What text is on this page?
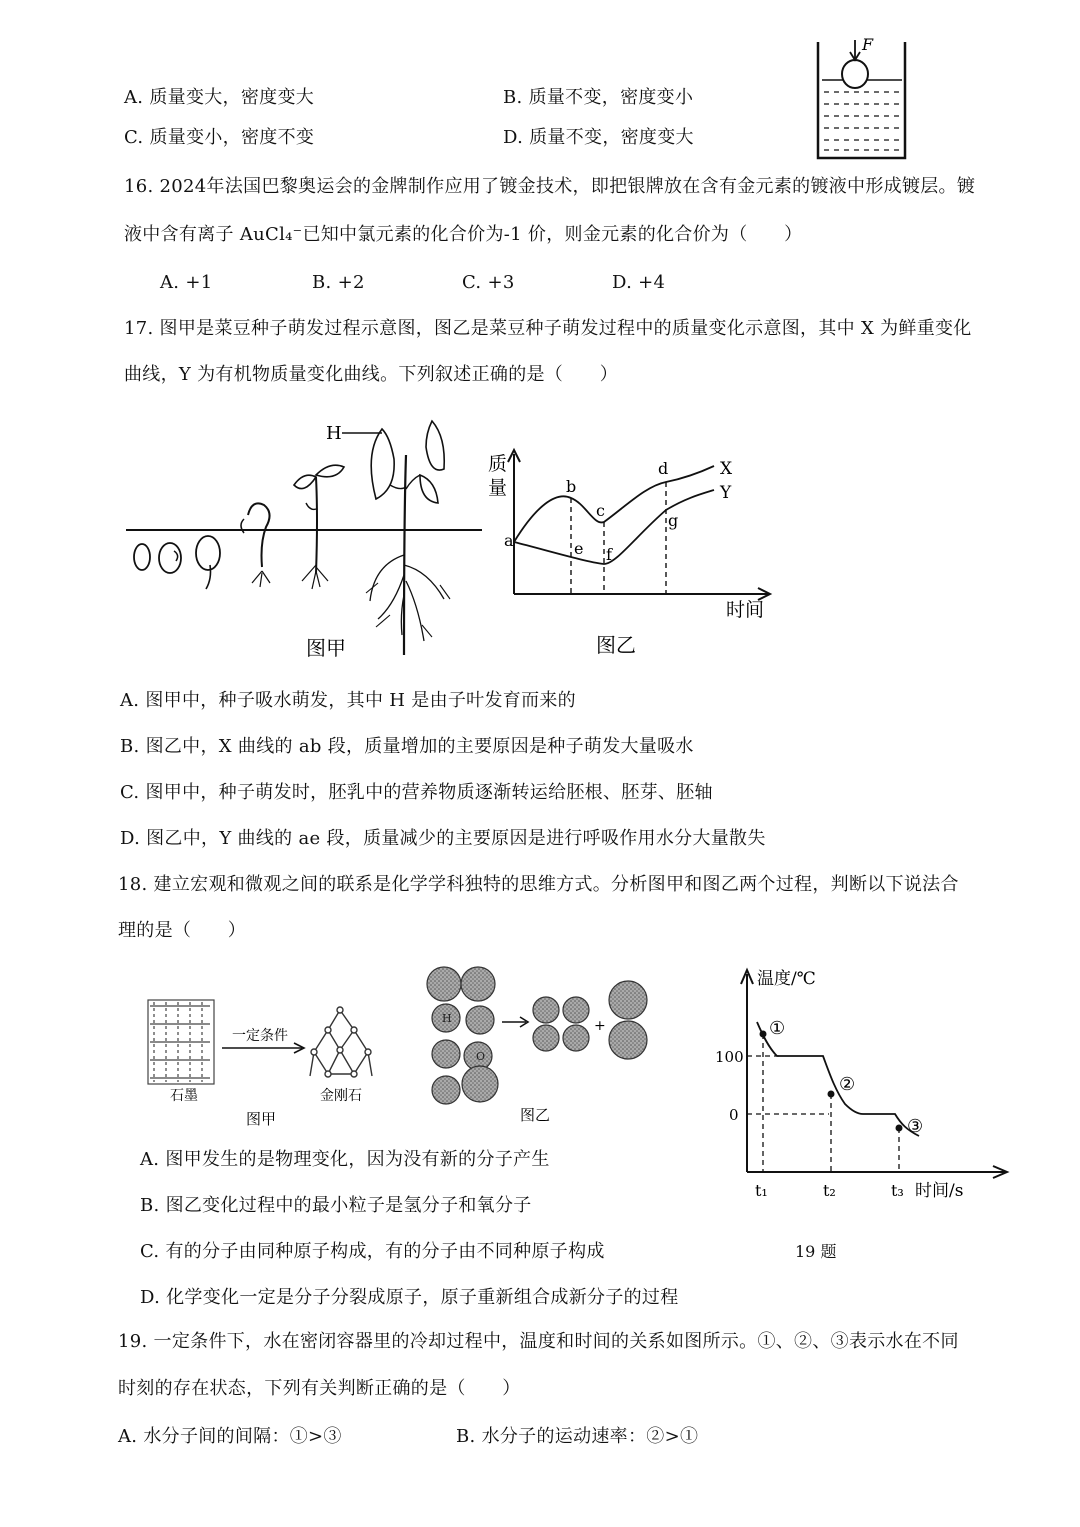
A. 质量变大，密度变大	B. 质量不变，密度变小
C. 质量变小，密度不变	D. 质量不变，密度变大
F
16. 2024年法国巴黎奥运会的金牌制作应用了镀金技术，即把银牌放在含有金元素的镀液中形成镀层。镀
液中含有离子 AuCl₄⁻已知中氯元素的化合价为-1 价，则金元素的化合价为（　　）
A. +1	B. +2	C. +3	D. +4
17. 图甲是菜豆种子萌发过程示意图，图乙是菜豆种子萌发过程中的质量变化示意图，其中 X 为鲜重变化
曲线，Y 为有机物质量变化曲线。下列叙述正确的是（　　）
H
图甲
质
量
时间
a
b
c
d
e f
g
X
Y
图乙
A. 图甲中，种子吸水萌发，其中 H 是由子叶发育而来的
B. 图乙中，X 曲线的 ab 段，质量增加的主要原因是种子萌发大量吸水
C. 图甲中，种子萌发时，胚乳中的营养物质逐渐转运给胚根、胚芽、胚轴
D. 图乙中，Y 曲线的 ae 段，质量减少的主要原因是进行呼吸作用水分大量散失
18. 建立宏观和微观之间的联系是化学学科独特的思维方式。分析图甲和图乙两个过程，判断以下说法合
理的是（　　）
石墨
一定条件
金刚石
图甲
H
O
+
图乙
温度/℃
100
0
①
②
③
t₁	t₂	t₃ 时间/s
19 题
A. 图甲发生的是物理变化，因为没有新的分子产生
B. 图乙变化过程中的最小粒子是氢分子和氧分子
C. 有的分子由同种原子构成，有的分子由不同种原子构成
D. 化学变化一定是分子分裂成原子，原子重新组合成新分子的过程
19. 一定条件下，水在密闭容器里的冷却过程中，温度和时间的关系如图所示。①、②、③表示水在不同
时刻的存在状态，下列有关判断正确的是（　　）
A. 水分子间的间隔：①>③	B. 水分子的运动速率：②>①
